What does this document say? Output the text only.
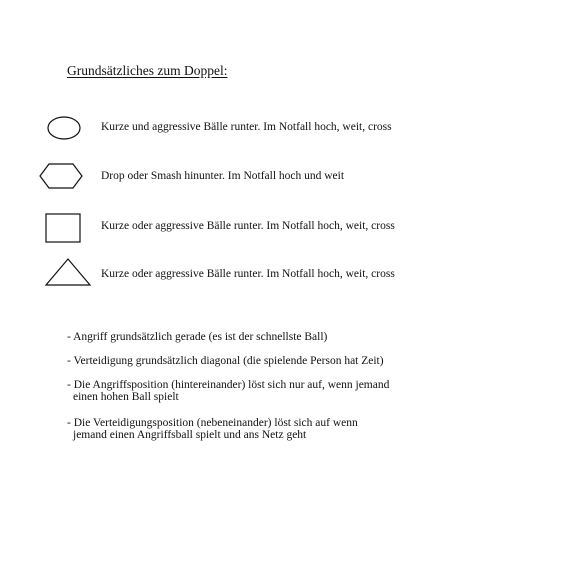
Grundsätzliches zum Doppel:
Kurze und aggressive Bälle runter. Im Notfall hoch, weit, cross
Drop oder Smash hinunter. Im Notfall hoch und weit
Kurze oder aggressive Bälle runter. Im Notfall hoch, weit, cross
Kurze oder aggressive Bälle runter. Im Notfall hoch, weit, cross
- Angriff grundsätzlich gerade (es ist der schnellste Ball)
- Verteidigung grundsätzlich diagonal (die spielende Person hat Zeit)
- Die Angriffsposition (hintereinander) löst sich nur auf, wenn jemand
einen hohen Ball spielt
- Die Verteidigungsposition (nebeneinander) löst sich auf wenn
jemand einen Angriffsball spielt und ans Netz geht
